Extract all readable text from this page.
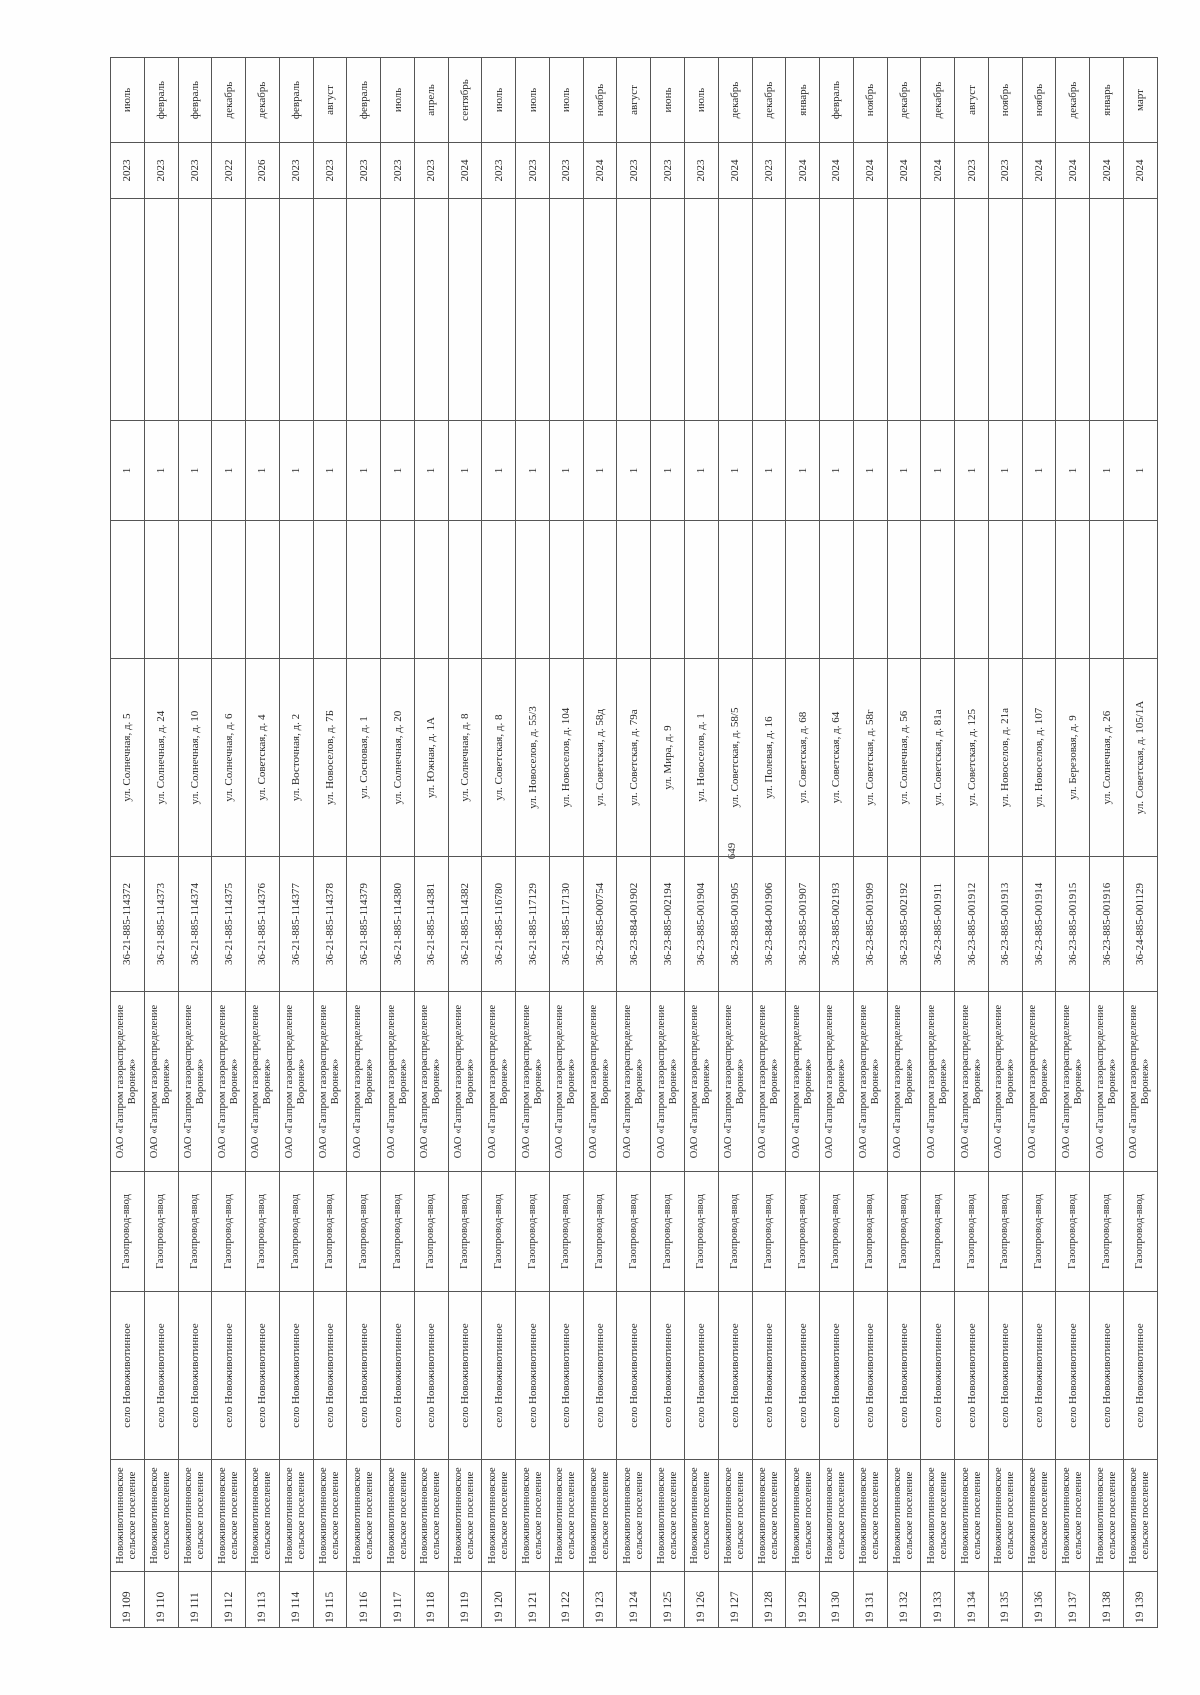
649
19 109	Новоживотинновское сельское поселение	село Новоживотинное	Газопровод-ввод	ОАО «Газпром газораспределение Воронеж»	36-21-885-114372	ул. Солнечная, д. 5		1		2023	июль
19 110	Новоживотинновское сельское поселение	село Новоживотинное	Газопровод-ввод	ОАО «Газпром газораспределение Воронеж»	36-21-885-114373	ул. Солнечная, д. 24		1		2023	февраль
19 111	Новоживотинновское сельское поселение	село Новоживотинное	Газопровод-ввод	ОАО «Газпром газораспределение Воронеж»	36-21-885-114374	ул. Солнечная, д. 10		1		2023	февраль
19 112	Новоживотинновское сельское поселение	село Новоживотинное	Газопровод-ввод	ОАО «Газпром газораспределение Воронеж»	36-21-885-114375	ул. Солнечная, д. 6		1		2022	декабрь
19 113	Новоживотинновское сельское поселение	село Новоживотинное	Газопровод-ввод	ОАО «Газпром газораспределение Воронеж»	36-21-885-114376	ул. Советская, д. 4		1		2026	декабрь
19 114	Новоживотинновское сельское поселение	село Новоживотинное	Газопровод-ввод	ОАО «Газпром газораспределение Воронеж»	36-21-885-114377	ул. Восточная, д. 2		1		2023	февраль
19 115	Новоживотинновское сельское поселение	село Новоживотинное	Газопровод-ввод	ОАО «Газпром газораспределение Воронеж»	36-21-885-114378	ул. Новоселов, д. 7Б		1		2023	август
19 116	Новоживотинновское сельское поселение	село Новоживотинное	Газопровод-ввод	ОАО «Газпром газораспределение Воронеж»	36-21-885-114379	ул. Сосновая, д. 1		1		2023	февраль
19 117	Новоживотинновское сельское поселение	село Новоживотинное	Газопровод-ввод	ОАО «Газпром газораспределение Воронеж»	36-21-885-114380	ул. Солнечная, д. 20		1		2023	июль
19 118	Новоживотинновское сельское поселение	село Новоживотинное	Газопровод-ввод	ОАО «Газпром газораспределение Воронеж»	36-21-885-114381	ул. Южная, д. 1А		1		2023	апрель
19 119	Новоживотинновское сельское поселение	село Новоживотинное	Газопровод-ввод	ОАО «Газпром газораспределение Воронеж»	36-21-885-114382	ул. Солнечная, д. 8		1		2024	сентябрь
19 120	Новоживотинновское сельское поселение	село Новоживотинное	Газопровод-ввод	ОАО «Газпром газораспределение Воронеж»	36-21-885-116780	ул. Советская, д. 8		1		2023	июль
19 121	Новоживотинновское сельское поселение	село Новоживотинное	Газопровод-ввод	ОАО «Газпром газораспределение Воронеж»	36-21-885-117129	ул. Новоселов, д. 55/3		1		2023	июль
19 122	Новоживотинновское сельское поселение	село Новоживотинное	Газопровод-ввод	ОАО «Газпром газораспределение Воронеж»	36-21-885-117130	ул. Новоселов, д. 104		1		2023	июль
19 123	Новоживотинновское сельское поселение	село Новоживотинное	Газопровод-ввод	ОАО «Газпром газораспределение Воронеж»	36-23-885-000754	ул. Советская, д. 58д		1		2024	ноябрь
19 124	Новоживотинновское сельское поселение	село Новоживотинное	Газопровод-ввод	ОАО «Газпром газораспределение Воронеж»	36-23-884-001902	ул. Советская, д. 79а		1		2023	август
19 125	Новоживотинновское сельское поселение	село Новоживотинное	Газопровод-ввод	ОАО «Газпром газораспределение Воронеж»	36-23-885-002194	ул. Мира, д. 9		1		2023	июнь
19 126	Новоживотинновское сельское поселение	село Новоживотинное	Газопровод-ввод	ОАО «Газпром газораспределение Воронеж»	36-23-885-001904	ул. Новоселов, д. 1		1		2023	июль
19 127	Новоживотинновское сельское поселение	село Новоживотинное	Газопровод-ввод	ОАО «Газпром газораспределение Воронеж»	36-23-885-001905	ул. Советская, д. 58/5		1		2024	декабрь
19 128	Новоживотинновское сельское поселение	село Новоживотинное	Газопровод-ввод	ОАО «Газпром газораспределение Воронеж»	36-23-884-001906	ул. Полевая, д. 16		1		2023	декабрь
19 129	Новоживотинновское сельское поселение	село Новоживотинное	Газопровод-ввод	ОАО «Газпром газораспределение Воронеж»	36-23-885-001907	ул. Советская, д. 68		1		2024	январь
19 130	Новоживотинновское сельское поселение	село Новоживотинное	Газопровод-ввод	ОАО «Газпром газораспределение Воронеж»	36-23-885-002193	ул. Советская, д. 64		1		2024	февраль
19 131	Новоживотинновское сельское поселение	село Новоживотинное	Газопровод-ввод	ОАО «Газпром газораспределение Воронеж»	36-23-885-001909	ул. Советская, д. 58г		1		2024	ноябрь
19 132	Новоживотинновское сельское поселение	село Новоживотинное	Газопровод-ввод	ОАО «Газпром газораспределение Воронеж»	36-23-885-002192	ул. Солнечная, д. 56		1		2024	декабрь
19 133	Новоживотинновское сельское поселение	село Новоживотинное	Газопровод-ввод	ОАО «Газпром газораспределение Воронеж»	36-23-885-001911	ул. Советская, д. 81а		1		2024	декабрь
19 134	Новоживотинновское сельское поселение	село Новоживотинное	Газопровод-ввод	ОАО «Газпром газораспределение Воронеж»	36-23-885-001912	ул. Советская, д. 125		1		2023	август
19 135	Новоживотинновское сельское поселение	село Новоживотинное	Газопровод-ввод	ОАО «Газпром газораспределение Воронеж»	36-23-885-001913	ул. Новоселов, д. 21а		1		2023	ноябрь
19 136	Новоживотинновское сельское поселение	село Новоживотинное	Газопровод-ввод	ОАО «Газпром газораспределение Воронеж»	36-23-885-001914	ул. Новоселов, д. 107		1		2024	ноябрь
19 137	Новоживотинновское сельское поселение	село Новоживотинное	Газопровод-ввод	ОАО «Газпром газораспределение Воронеж»	36-23-885-001915	ул. Березовая, д. 9		1		2024	декабрь
19 138	Новоживотинновское сельское поселение	село Новоживотинное	Газопровод-ввод	ОАО «Газпром газораспределение Воронеж»	36-23-885-001916	ул. Солнечная, д. 26		1		2024	январь
19 139	Новоживотинновское сельское поселение	село Новоживотинное	Газопровод-ввод	ОАО «Газпром газораспределение Воронеж»	36-24-885-001129	ул. Советская, д. 105/1А		1		2024	март
